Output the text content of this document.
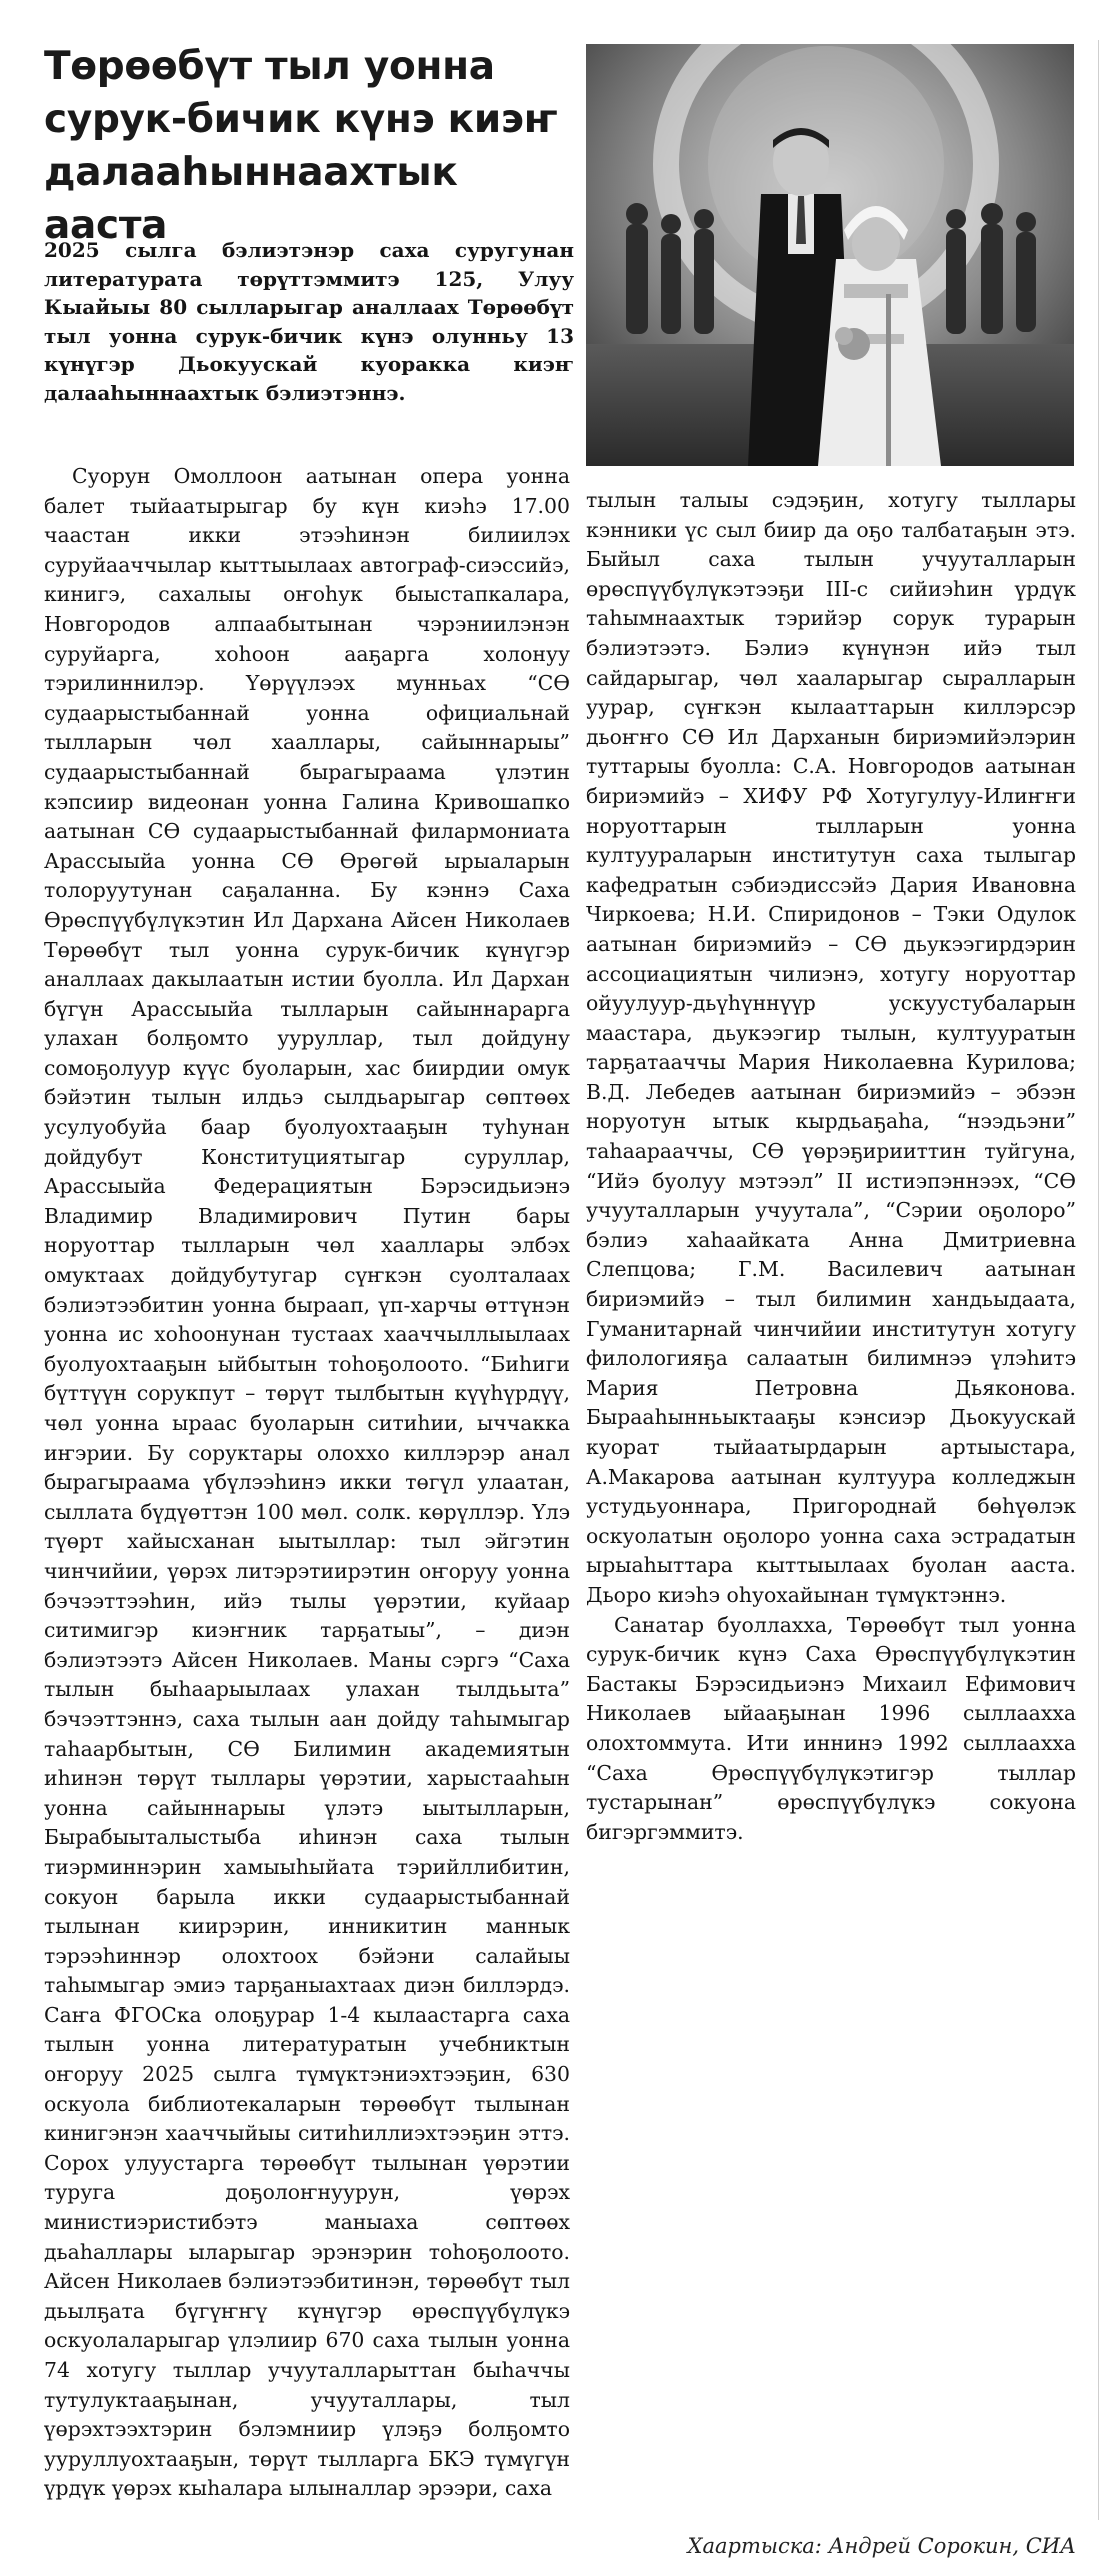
Төрөөбүт тыл уонна сурук-бичик күнэ киэҥ далааһыннаахтык ааста

2025 сылга бэлиэтэнэр саха суругунан литературата төрүттэммитэ 125, Улуу Кыайыы 80 сылларыгар аналлаах Төрөөбүт тыл уонна сурук-бичик күнэ олунньу 13 күнүгэр Дьокуускай куоракка киэҥ далааһыннаахтык бэлиэтэннэ.

Суорун Омоллоон аатынан опера уонна балет тыйаатырыгар бу күн киэһэ 17.00 чаастан икки этээһинэн билиилэх суруйааччылар кыттыылаах автограф-сиэссийэ, кинигэ, сахалыы оҥоһук быыстапкалара, Новгородов алпаабытынан чэрэниилэнэн суруйарга, хоһоон ааҕарга холонуу тэрилиннилэр. Үөрүүлээх мунньах “СӨ судаарыстыбаннай уонна официальнай тылларын чөл хааллары, сайыннарыы” судаарыстыбаннай бырагыраама үлэтин кэпсиир видеонан уонна Галина Кривошапко аатынан СӨ судаарыстыбаннай филармониата Арассыыйа уонна СӨ Өрөгөй ырыаларын толоруутунан саҕаланна. Бу кэннэ Саха Өрөспүүбүлүкэтин Ил Дархана Айсен Николаев Төрөөбүт тыл уонна сурук-бичик күнүгэр аналлаах дакылаатын истии буолла. Ил Дархан бүгүн Арассыыйа тылларын сайыннарарга улахан болҕомто ууруллар, тыл дойдуну сомоҕолуур күүс буоларын, хас биирдии омук бэйэтин тылын илдьэ сылдьарыгар сөптөөх усулуобуйа баар буолуохтааҕын туһунан дойдубут Конституциятыгар суруллар, Арассыыйа Федерациятын Бэрэсидьиэнэ Владимир Владимирович Путин бары норуоттар тылларын чөл хааллары элбэх омуктаах дойдубутугар сүҥкэн суолталаах бэлиэтээбитин уонна быраап, үп-харчы өттүнэн уонна ис хоһоонунан тустаах хааччыллыылаах буолуохтааҕын ыйбытын тоһоҕолоото. “Биһиги бүттүүн сорукпут – төрүт тылбытын күүһүрдүү, чөл уонна ыраас буоларын ситиһии, ыччакка иҥэрии. Бу соруктары олоххо киллэрэр анал бырагыраама үбүлээһинэ икки төгүл улаатан, сыллата бүдүөттэн 100 мөл. солк. көрүллэр. Үлэ түөрт хайысханан ыытыллар: тыл эйгэтин чинчийии, үөрэх литэрэтиирэтин оҥоруу уонна бэчээттээһин, ийэ тылы үөрэтии, куйаар ситимигэр киэҥник тарҕатыы”, – диэн бэлиэтээтэ Айсен Николаев. Маны сэргэ “Саха тылын быһаарыылаах улахан тылдьыта” бэчээттэннэ, саха тылын аан дойду таһымыгар таһаарбытын, СӨ Билимин академиятын иһинэн төрүт тыллары үөрэтии, харыстааһын уонна сайыннарыы үлэтэ ыытылларын, Бырабыыталыстыба иһинэн саха тылын тиэрминнэрин хамыыһыйата тэрийллибитин, сокуон барыла икки судаарыстыбаннай тылынан киирэрин, инникитин маннык тэрээһиннэр олохтоох бэйэни салайыы таһымыгар эмиэ тарҕаныахтаах диэн биллэрдэ. Саҥа ФГОСка олоҕурар 1-4 кылаастарга саха тылын уонна литературатын учебниктын оҥоруу 2025 сылга түмүктэниэхтээҕин, 630 оскуола библиотекаларын төрөөбүт тылынан кинигэнэн хааччыйыы ситиһиллиэхтээҕин эттэ. Сорох улуустарга төрөөбүт тылынан үөрэтии туруга доҕолоҥнуурун, үөрэх министиэристибэтэ маныаха сөптөөх дьаһаллары ыларыгар эрэнэрин тоһоҕолоото. Айсен Николаев бэлиэтээбитинэн, төрөөбүт тыл дьылҕата бүгүҥҥү күнүгэр өрөспүүбүлүкэ оскуолаларыгар үлэлиир 670 саха тылын уонна 74 хотугу тыллар учууталларыттан быһаччы тутулуктааҕынан, учууталлары, тыл үөрэхтээхтэрин бэлэмниир үлэҕэ болҕомто ууруллуохтааҕын, төрүт тылларга БКЭ түмүгүн үрдүк үөрэх кыһалара ылыналлар эрээри, саха

тылын талыы сэдэҕин, хотугу тыллары кэнники үс сыл биир да оҕо талбатаҕын этэ. Быйыл саха тылын учууталларын өрөспүүбүлүкэтээҕи III-с сийиэһин үрдүк таһымнаахтык тэрийэр сорук турарын бэлиэтээтэ. Бэлиэ күнүнэн ийэ тыл сайдарыгар, чөл хааларыгар сыралларын уурар, сүҥкэн кылааттарын киллэрсэр дьоҥҥо СӨ Ил Дарханын бириэмийэлэрин туттарыы буолла: С.А. Новгородов аатынан бириэмийэ – ХИФУ РФ Хотугулуу-Илиҥҥи норуоттарын тылларын уонна култуураларын институтун саха тылыгар кафедратын сэбиэдиссэйэ Дария Ивановна Чиркоева; Н.И. Спиридонов – Тэки Одулок аатынан бириэмийэ – СӨ дьукээгирдэрин ассоциациятын чилиэнэ, хотугу норуоттар ойуулуур-дьүһүннүүр ускуустубаларын маастара, дьукээгир тылын, култууратын тарҕатааччы Мария Николаевна Курилова; В.Д. Лебедев аатынан бириэмийэ – эбээн норуотун ытык кырдьаҕаһа, “нээдьэни” таһаарааччы, СӨ үөрэҕирииттин туйгуна, “Ийэ буолуу мэтээл” II истиэпэннээх, “СӨ учууталларын учуутала”, “Сэрии оҕолоро” бэлиэ хаһаайката Анна Дмитриевна Слепцова; Г.М. Василевич аатынан бириэмийэ – тыл билимин хандьыдаата, Гуманитарнай чинчийии институтун хотугу филологияҕа салаатын билимнээ үлэһитэ Мария Петровна Дьяконова. Бырааһынньыктааҕы кэнсиэр Дьокуускай куорат тыйаатырдарын артыыстара, А.Макарова аатынан култуура колледжын устудьуоннара, Пригороднай бөһүөлэк оскуолатын оҕолоро уонна саха эстрадатын ырыаһыттара кыттыылаах буолан ааста. Дьоро киэһэ оһуохайынан түмүктэннэ.

Санатар буоллахха, Төрөөбүт тыл уонна сурук-бичик күнэ Саха Өрөспүүбүлүкэтин Бастакы Бэрэсидьиэнэ Михаил Ефимович Николаев ыйааҕынан 1996 сыллааххa олохтоммута. Ити иннинэ 1992 сыллааххa “Саха Өрөспүүбүлүкэтигэр тыллар тустарынан” өрөспүүбүлүкэ сокуона бигэргэммитэ.

Хаартыска: Андрей Сорокин, СИА
